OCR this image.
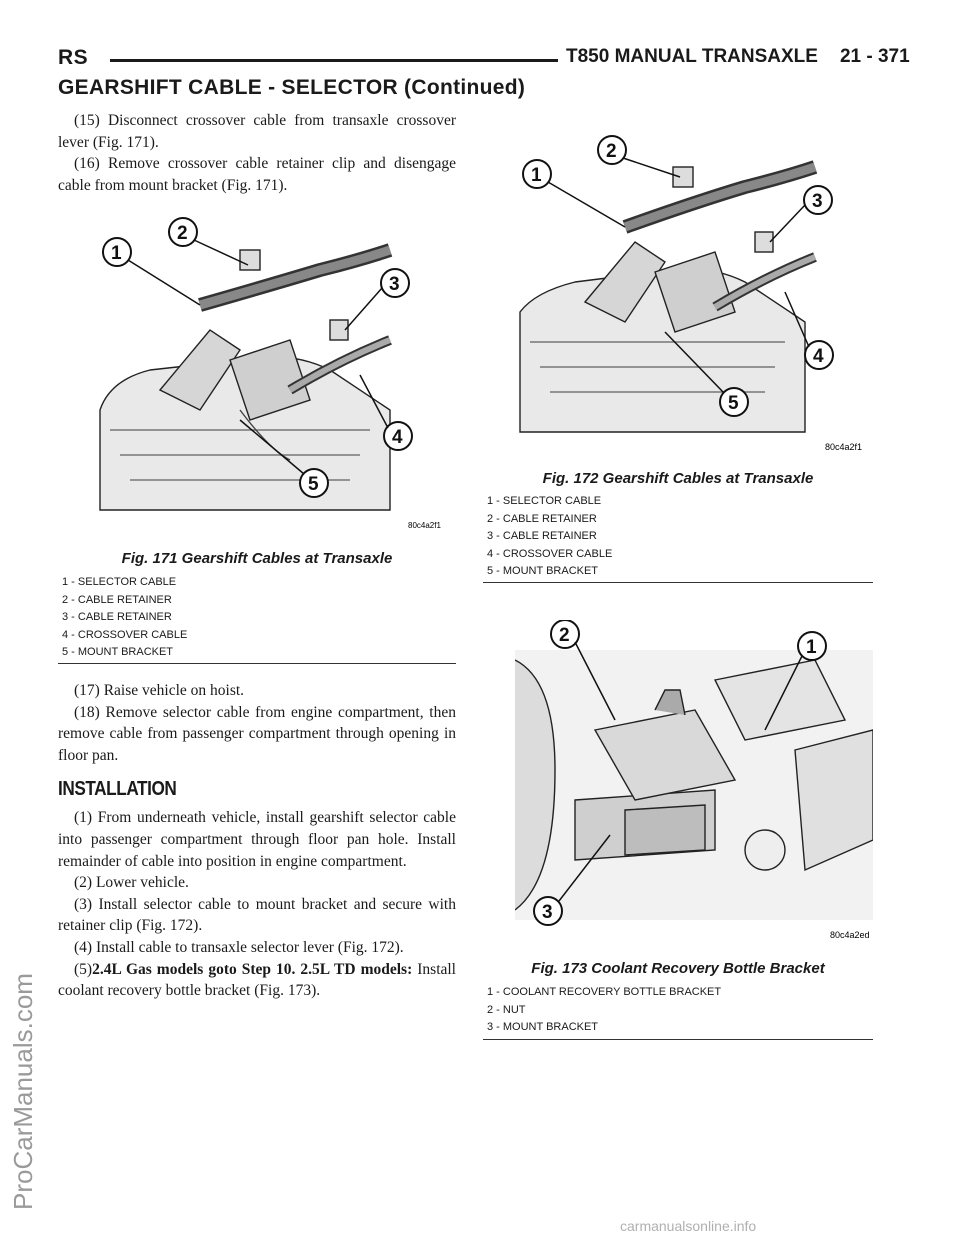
RS	T850 MANUAL TRANSAXLE 21 - 371
GEARSHIFT CABLE - SELECTOR (Continued)

(15) Disconnect crossover cable from transaxle crossover lever (Fig. 171).

(16) Remove crossover cable retainer clip and disengage cable from mount bracket (Fig. 171).

1
2
3
4
5
80c4a2f1
Fig. 171 Gearshift Cables at Transaxle
1 - SELECTOR CABLE
2 - CABLE RETAINER
3 - CABLE RETAINER
4 - CROSSOVER CABLE
5 - MOUNT BRACKET

(17) Raise vehicle on hoist.

(18) Remove selector cable from engine compartment, then remove cable from passenger compartment through opening in floor pan.

INSTALLATION

(1) From underneath vehicle, install gearshift selector cable into passenger compartment through floor pan hole. Install remainder of cable into position in engine compartment.

(2) Lower vehicle.

(3) Install selector cable to mount bracket and secure with retainer clip (Fig. 172).

(4) Install cable to transaxle selector lever (Fig. 172).

(5)2.4L Gas models goto Step 10. 2.5L TD models: Install coolant recovery bottle bracket (Fig. 173).

1
2
3
4
5
80c4a2f1
Fig. 172 Gearshift Cables at Transaxle
1 - SELECTOR CABLE
2 - CABLE RETAINER
3 - CABLE RETAINER
4 - CROSSOVER CABLE
5 - MOUNT BRACKET
1
2
3
80c4a2ed
Fig. 173 Coolant Recovery Bottle Bracket
1 - COOLANT RECOVERY BOTTLE BRACKET
2 - NUT
3 - MOUNT BRACKET
ProCarManuals.com
carmanualsonline.info
